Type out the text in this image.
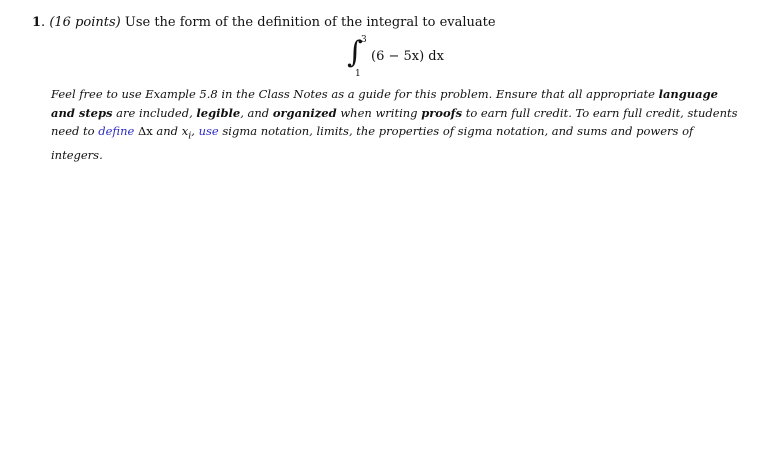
1. (16 points) Use the form of the definition of the integral to evaluate
∫
3
1
(6 − 5x) dx
Feel free to use Example 5.8 in the Class Notes as a guide for this problem. Ensure that all appropriate language and steps are included, legible, and organized when writing proofs to earn full credit. To earn full credit, students need to define Δx and $x_i$, use sigma notation, limits, the properties of sigma notation, and sums and powers of integers.
